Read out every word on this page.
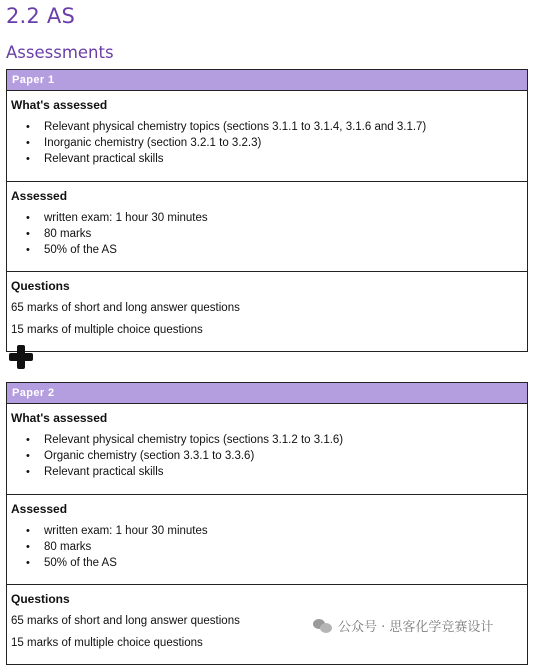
2.2 AS
Assessments
Paper 1
What's assessed
• Relevant physical chemistry topics (sections 3.1.1 to 3.1.4, 3.1.6 and 3.1.7)
• Inorganic chemistry (section 3.2.1 to 3.2.3)
• Relevant practical skills
Assessed
• written exam: 1 hour 30 minutes
• 80 marks
• 50% of the AS
Questions
65 marks of short and long answer questions
15 marks of multiple choice questions
Paper 2
What's assessed
• Relevant physical chemistry topics (sections 3.1.2 to 3.1.6)
• Organic chemistry (section 3.3.1 to 3.3.6)
• Relevant practical skills
Assessed
• written exam: 1 hour 30 minutes
• 80 marks
• 50% of the AS
Questions
65 marks of short and long answer questions
15 marks of multiple choice questions
公众号 · 思客化学竞赛设计
